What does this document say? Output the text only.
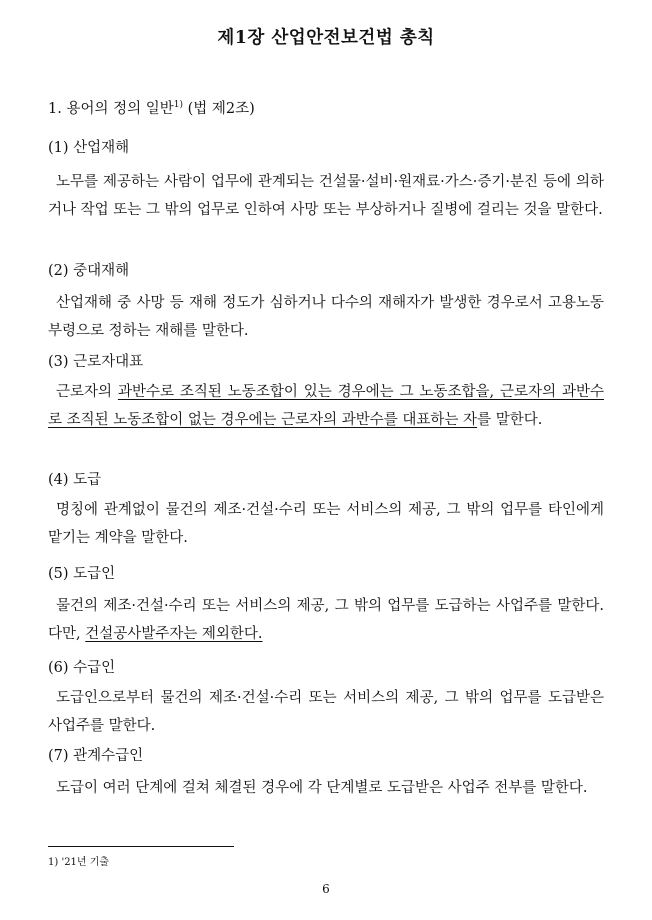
제1장 산업안전보건법 총칙
1. 용어의 정의 일반$^{1)}$ (법 제2조)
(1) 산업재해
노무를 제공하는 사람이 업무에 관계되는 건설물·설비·원재료·가스·증기·분진 등에 의하거나 작업 또는 그 밖의 업무로 인하여 사망 또는 부상하거나 질병에 걸리는 것을 말한다.
(2) 중대재해
산업재해 중 사망 등 재해 정도가 심하거나 다수의 재해자가 발생한 경우로서 고용노동부령으로 정하는 재해를 말한다.
(3) 근로자대표
근로자의 과반수로 조직된 노동조합이 있는 경우에는 그 노동조합을, 근로자의 과반수로 조직된 노동조합이 없는 경우에는 근로자의 과반수를 대표하는 자를 말한다.
(4) 도급
명칭에 관계없이 물건의 제조·건설·수리 또는 서비스의 제공, 그 밖의 업무를 타인에게 맡기는 계약을 말한다.
(5) 도급인
물건의 제조·건설·수리 또는 서비스의 제공, 그 밖의 업무를 도급하는 사업주를 말한다. 다만, 건설공사발주자는 제외한다.
(6) 수급인
도급인으로부터 물건의 제조·건설·수리 또는 서비스의 제공, 그 밖의 업무를 도급받은 사업주를 말한다.
(7) 관계수급인
도급이 여러 단계에 걸쳐 체결된 경우에 각 단계별로 도급받은 사업주 전부를 말한다.
1) '21년 기출
6
